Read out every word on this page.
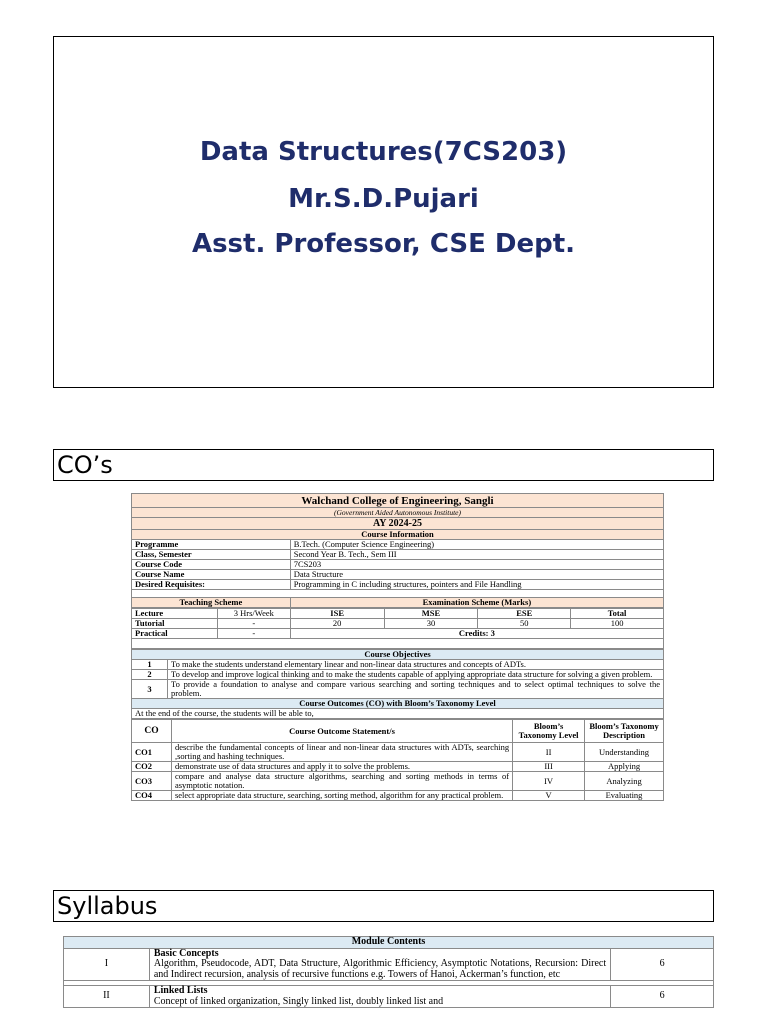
Data Structures(7CS203)
Mr.S.D.Pujari
Asst. Professor, CSE Dept.
CO’s
Walchand College of Engineering, Sangli	
(Government Aided Autonomous Institute)	
AY 2024-25	
Course Information	
Programme	B.Tech. (Computer Science Engineering)
Class, Semester	Second Year B. Tech., Sem III
Course Code	7CS203
Course Name	Data Structure
Desired Requisites:	Programming in C including structures, pointers and File Handling

Teaching Scheme	Examination Scheme (Marks)
Lecture	3 Hrs/Week	ISE	MSE	ESE	Total
Tutorial	-	20	30	50	100
Practical	-	Credits: 3			

Course Objectives	
1	To make the students understand elementary linear and non-linear data structures and concepts of ADTs.
2	To develop and improve logical thinking and to make the students capable of applying appropriate data structure for solving a given problem.
3	To provide a foundation to analyse and compare various searching and sorting techniques and to select optimal techniques to solve the problem.
Course Outcomes (CO) with Bloom’s Taxonomy Level	
At the end of the course, the students will be able to,	
CO	Course Outcome Statement/s	Bloom’s Taxonomy Level	Bloom’s Taxonomy Description
CO1	describe the fundamental concepts of linear and non-linear data structures with ADTs, searching ,sorting and hashing techniques.	II	Understanding
CO2	demonstrate use of data structures and apply it to solve the problems.	III	Applying
CO3	compare and analyse data structure algorithms, searching and sorting methods in terms of asymptotic notation.	IV	Analyzing
CO4	select appropriate data structure, searching, sorting method, algorithm for any practical problem.	V	Evaluating
Syllabus
Module Contents		
I	Basic Concepts
Algorithm, Pseudocode, ADT, Data Structure, Algorithmic Efficiency, Asymptotic Notations, Recursion: Direct and Indirect recursion, analysis of recursive functions e.g. Towers of Hanoi, Ackerman’s function, etc	6

II	Linked Lists
Concept of linked organization, Singly linked list, doubly linked list and	6
